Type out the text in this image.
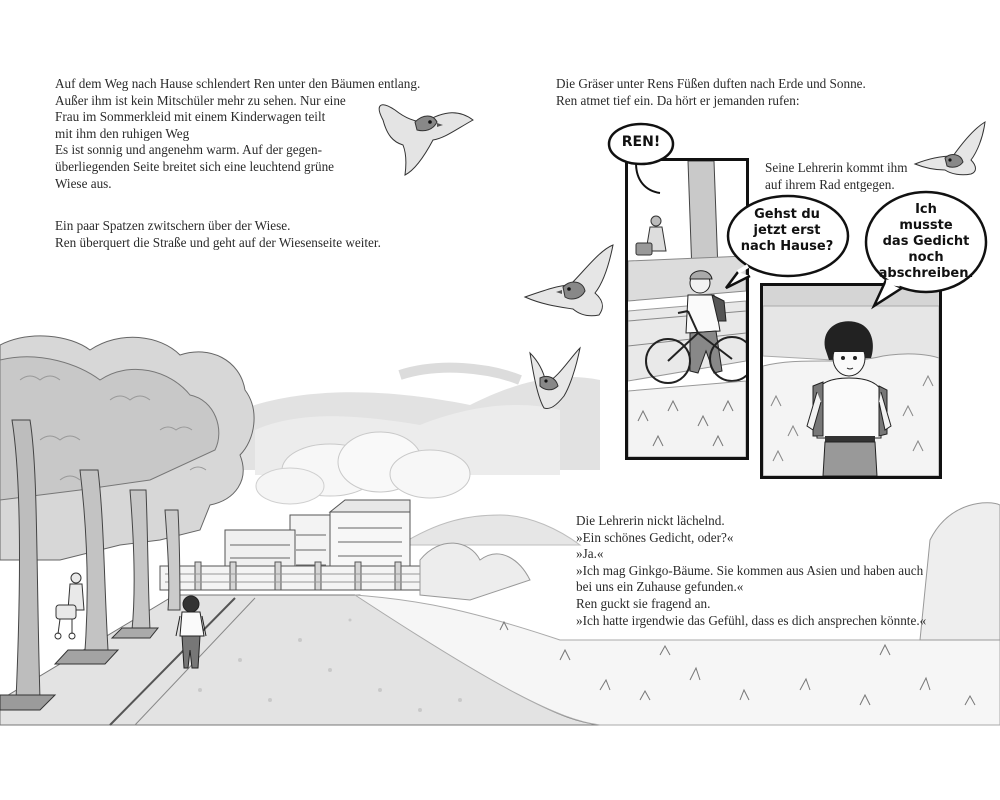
REN!
Gehst du
jetzt erst
nach Hause?
Ich
musste
das Gedicht
noch
abschreiben.

Auf dem Weg nach Hause schlendert Ren unter den Bäumen entlang.
Außer ihm ist kein Mitschüler mehr zu sehen. Nur eine
Frau im Sommerkleid mit einem Kinderwagen teilt
mit ihm den ruhigen Weg
Es ist sonnig und angenehm warm. Auf der gegen-
überliegenden Seite breitet sich eine leuchtend grüne
Wiese aus.

Ein paar Spatzen zwitschern über der Wiese.
Ren überquert die Straße und geht auf der Wiesenseite weiter.

Die Gräser unter Rens Füßen duften nach Erde und Sonne.
Ren atmet tief ein. Da hört er jemanden rufen:

Seine Lehrerin kommt ihm
auf ihrem Rad entgegen.

Die Lehrerin nickt lächelnd.
»Ein schönes Gedicht, oder?«
»Ja.«
»Ich mag Ginkgo-Bäume. Sie kommen aus Asien und haben auch
bei uns ein Zuhause gefunden.«
Ren guckt sie fragend an.
»Ich hatte irgendwie das Gefühl, dass es dich ansprechen könnte.«
